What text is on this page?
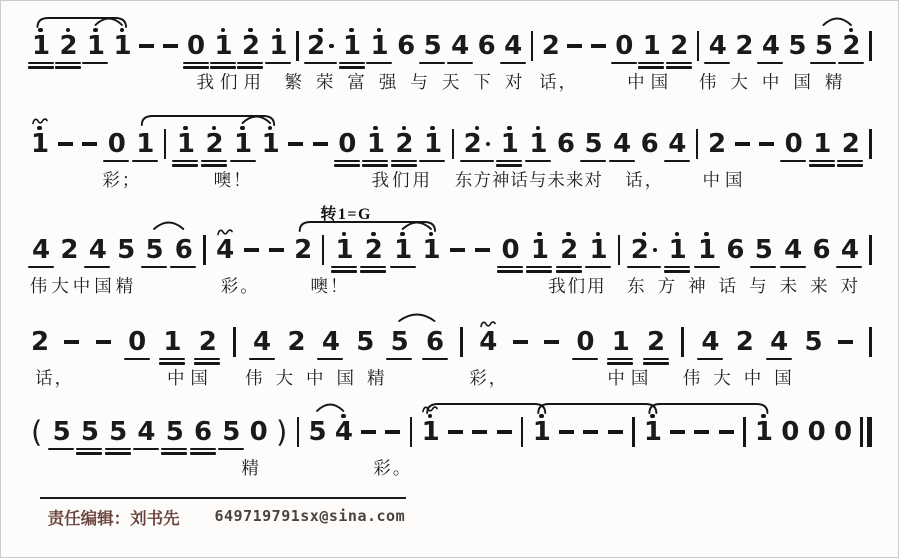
1 2 1 1 0 1 2 1 2 1 1 6 5 4 6 4 2 0 1 2 4 2 4 5 5 2
我们用 繁荣富强与天下对 话，	中国 伟大中国精
1 0 1 1 2 1 1 0 1 2 1 2 1 1 6 5 4 6 4 2 0 1 2
彩；	噢！	我们用 东方神话与未来对 话， 中国
4 2 4 5 5 6 4 2 1 2 1 1 0 1 2 1 2 1 1 6 5 4 6 4
伟大中国精	彩。	噢！	我们用 东方神话与未来对
转1=G
2	0 1 2 4 2 4 5 5 6 4	0 1 2 4 2 4 5
话，	中国 伟大中国精	彩，	中国 伟大中国
( 5 5 5 4 5 6 5 0 ) 5 4	1	1	1	1 0 0 0
精	彩。
责任编辑：刘书先 649719791sx@sina.com
